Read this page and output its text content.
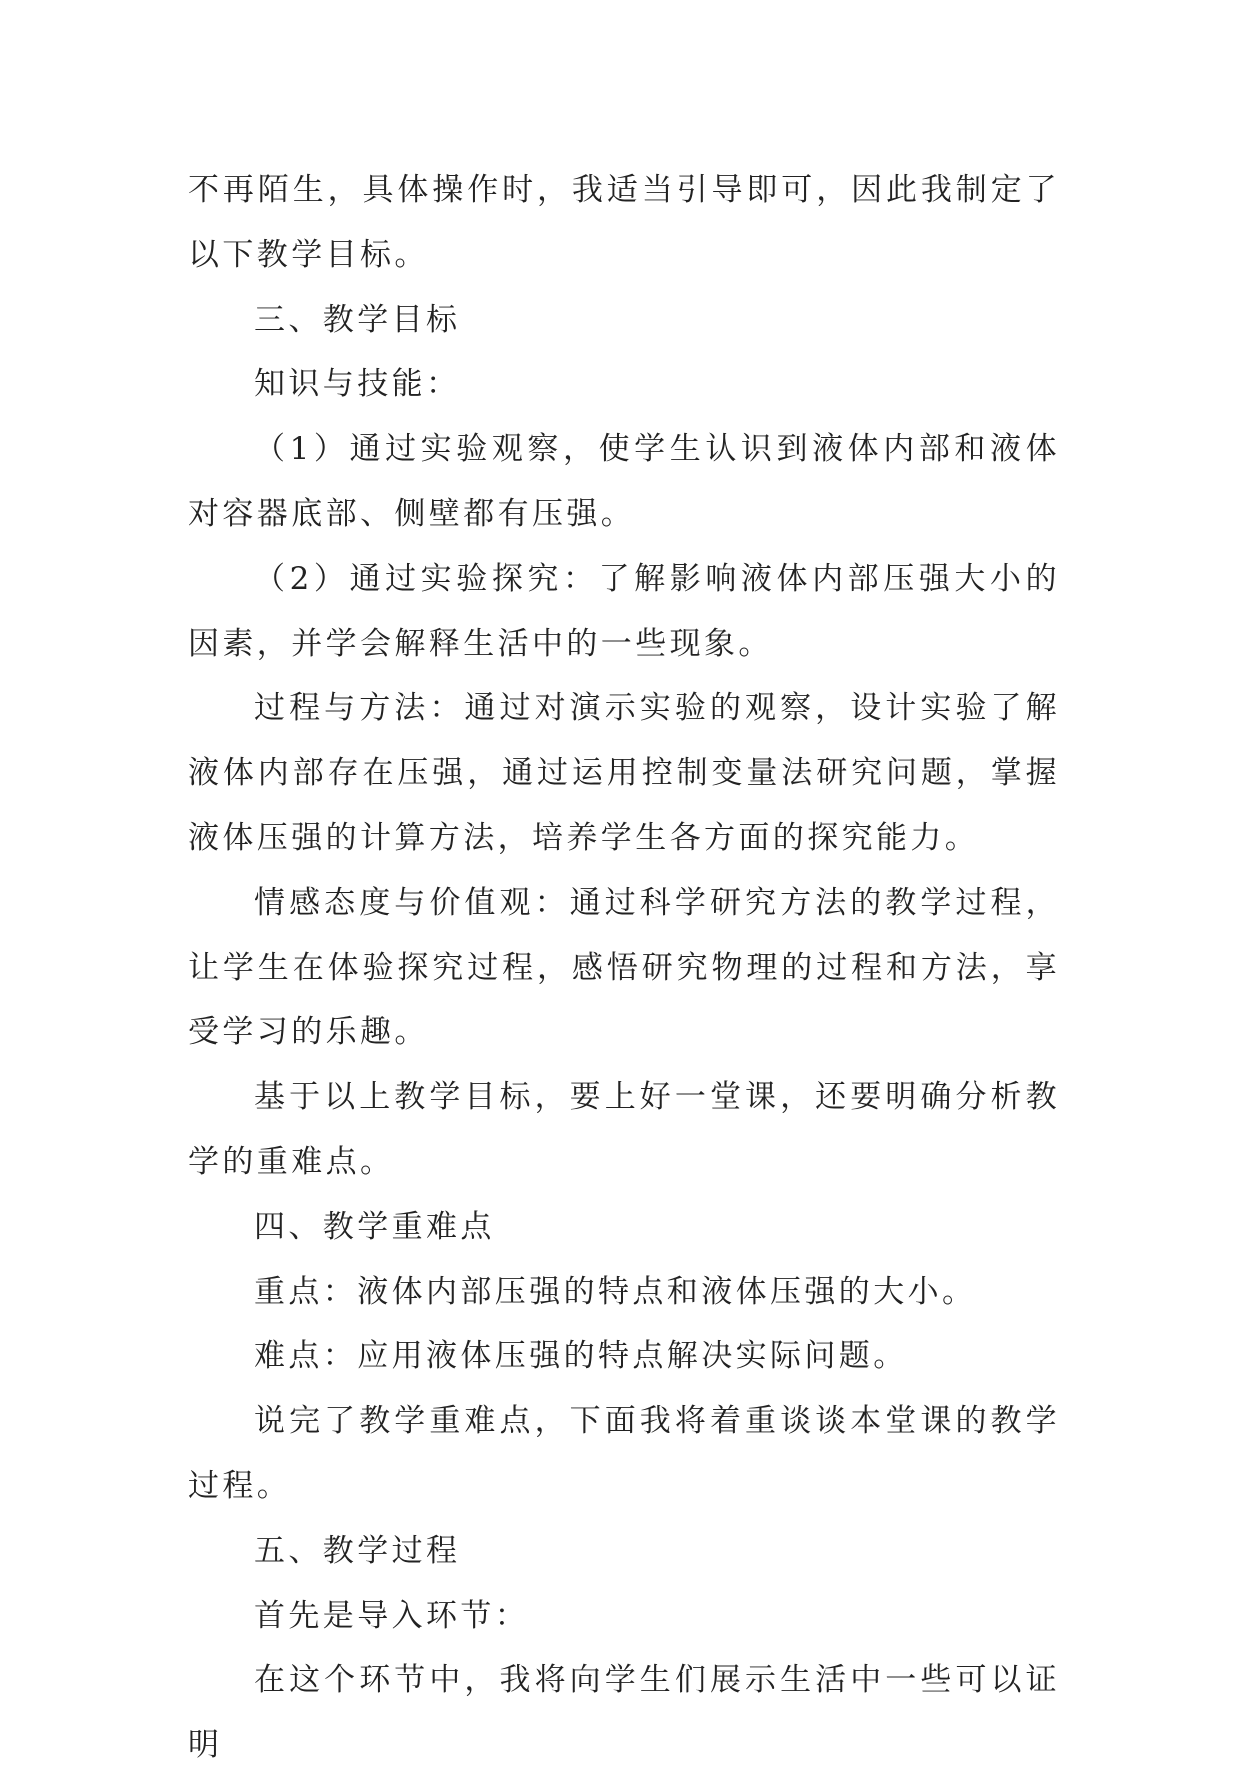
不再陌生，具体操作时，我适当引导即可，因此我制定了以下教学目标。

三、教学目标

知识与技能：

（1）通过实验观察，使学生认识到液体内部和液体对容器底部、侧壁都有压强。

（2）通过实验探究：了解影响液体内部压强大小的因素，并学会解释生活中的一些现象。

过程与方法：通过对演示实验的观察，设计实验了解液体内部存在压强，通过运用控制变量法研究问题，掌握液体压强的计算方法，培养学生各方面的探究能力。

情感态度与价值观：通过科学研究方法的教学过程，让学生在体验探究过程，感悟研究物理的过程和方法，享受学习的乐趣。

基于以上教学目标，要上好一堂课，还要明确分析教学的重难点。

四、教学重难点

重点：液体内部压强的特点和液体压强的大小。

难点：应用液体压强的特点解决实际问题。

说完了教学重难点，下面我将着重谈谈本堂课的教学过程。

五、教学过程

首先是导入环节：

在这个环节中，我将向学生们展示生活中一些可以证明
